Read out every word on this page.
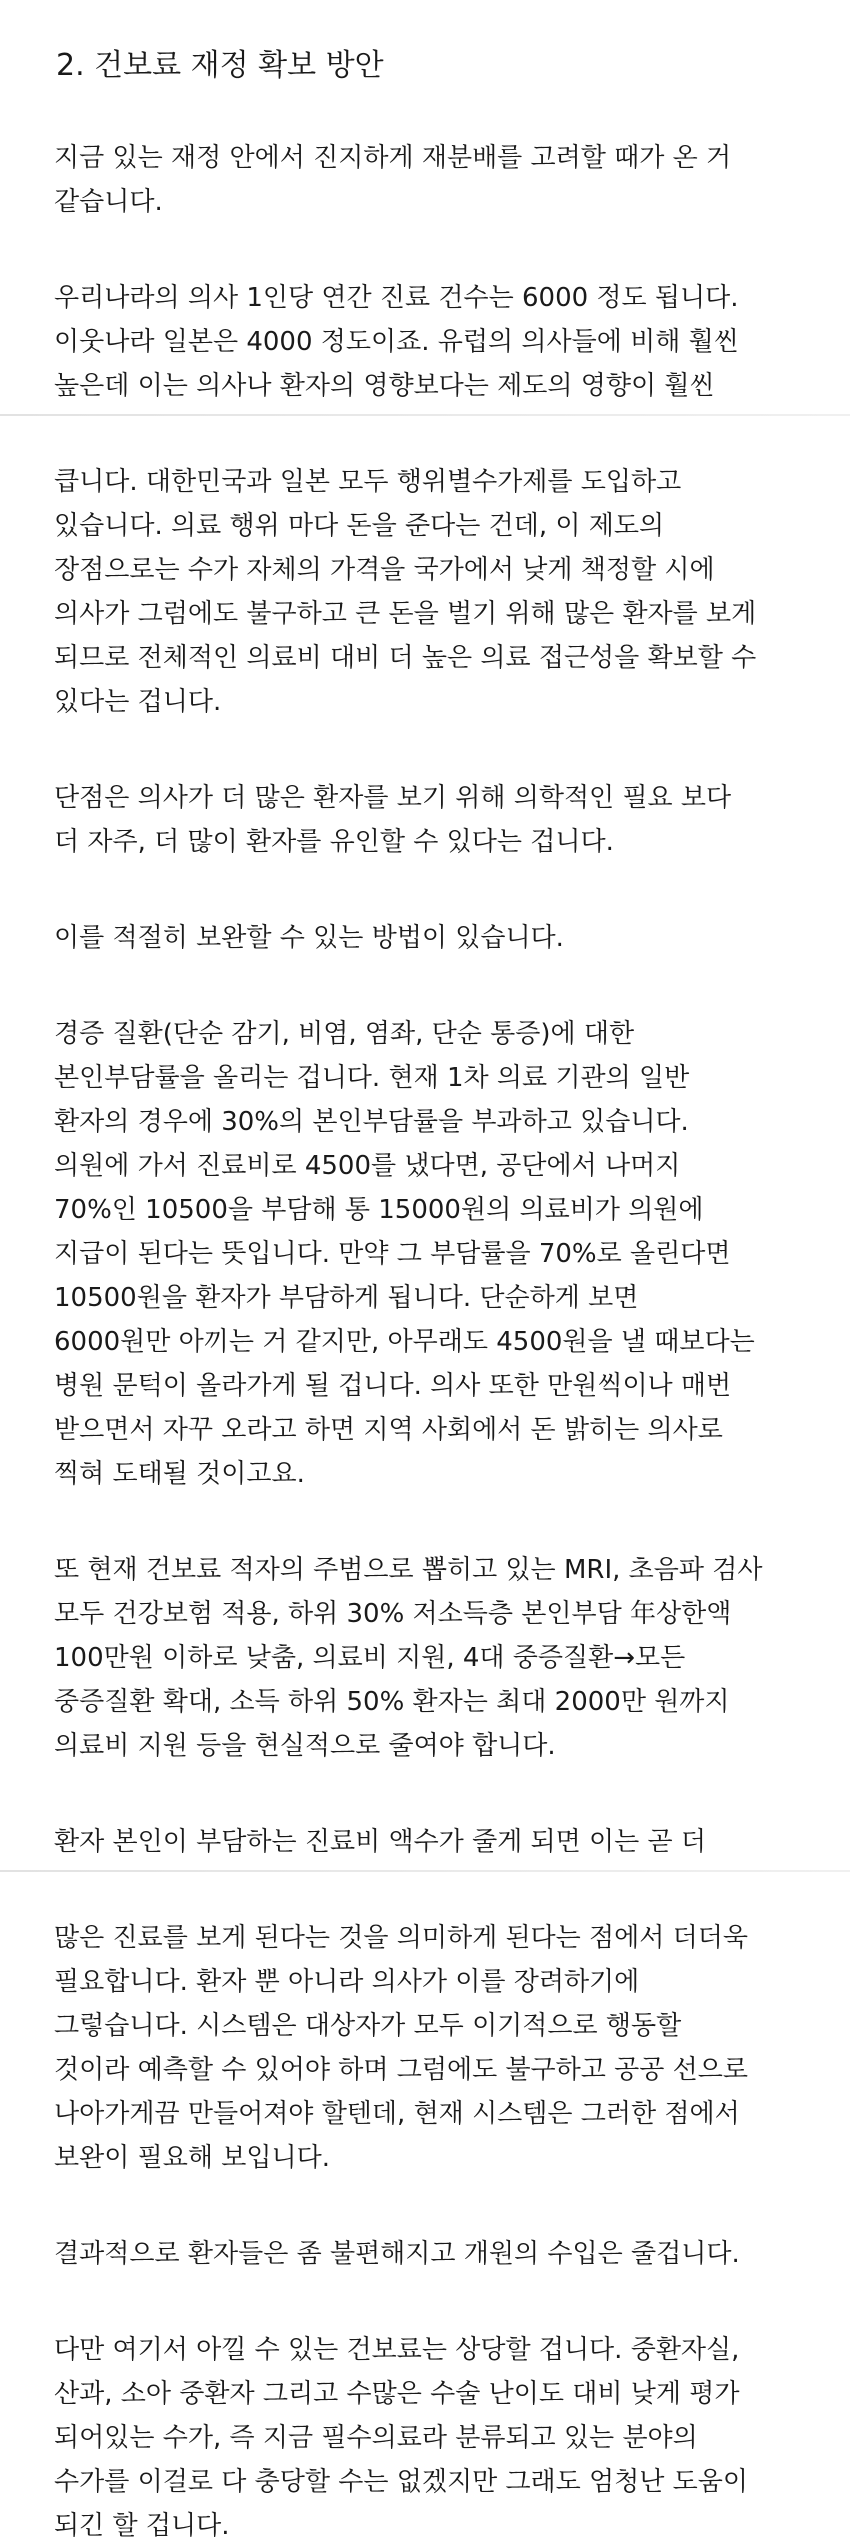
2. 건보료 재정 확보 방안
지금 있는 재정 안에서 진지하게 재분배를 고려할 때가 온 거
같습니다.
우리나라의 의사 1인당 연간 진료 건수는 6000 정도 됩니다.
이웃나라 일본은 4000 정도이죠. 유럽의 의사들에 비해 훨씬
높은데 이는 의사나 환자의 영향보다는 제도의 영향이 훨씬
큽니다. 대한민국과 일본 모두 행위별수가제를 도입하고
있습니다. 의료 행위 마다 돈을 준다는 건데, 이 제도의
장점으로는 수가 자체의 가격을 국가에서 낮게 책정할 시에
의사가 그럼에도 불구하고 큰 돈을 벌기 위해 많은 환자를 보게
되므로 전체적인 의료비 대비 더 높은 의료 접근성을 확보할 수
있다는 겁니다.
단점은 의사가 더 많은 환자를 보기 위해 의학적인 필요 보다
더 자주, 더 많이 환자를 유인할 수 있다는 겁니다.
이를 적절히 보완할 수 있는 방법이 있습니다.
경증 질환(단순 감기, 비염, 염좌, 단순 통증)에 대한
본인부담률을 올리는 겁니다. 현재 1차 의료 기관의 일반
환자의 경우에 30%의 본인부담률을 부과하고 있습니다.
의원에 가서 진료비로 4500를 냈다면, 공단에서 나머지
70%인 10500을 부담해 통 15000원의 의료비가 의원에
지급이 된다는 뜻입니다. 만약 그 부담률을 70%로 올린다면
10500원을 환자가 부담하게 됩니다. 단순하게 보면
6000원만 아끼는 거 같지만, 아무래도 4500원을 낼 때보다는
병원 문턱이 올라가게 될 겁니다. 의사 또한 만원씩이나 매번
받으면서 자꾸 오라고 하면 지역 사회에서 돈 밝히는 의사로
찍혀 도태될 것이고요.
또 현재 건보료 적자의 주범으로 뽑히고 있는 MRI, 초음파 검사
모두 건강보험 적용, 하위 30% 저소득층 본인부담 年상한액
100만원 이하로 낮춤, 의료비 지원, 4대 중증질환→모든
중증질환 확대, 소득 하위 50% 환자는 최대 2000만 원까지
의료비 지원 등을 현실적으로 줄여야 합니다.
환자 본인이 부담하는 진료비 액수가 줄게 되면 이는 곧 더
많은 진료를 보게 된다는 것을 의미하게 된다는 점에서 더더욱
필요합니다. 환자 뿐 아니라 의사가 이를 장려하기에
그렇습니다. 시스템은 대상자가 모두 이기적으로 행동할
것이라 예측할 수 있어야 하며 그럼에도 불구하고 공공 선으로
나아가게끔 만들어져야 할텐데, 현재 시스템은 그러한 점에서
보완이 필요해 보입니다.
결과적으로 환자들은 좀 불편해지고 개원의 수입은 줄겁니다.
다만 여기서 아낄 수 있는 건보료는 상당할 겁니다. 중환자실,
산과, 소아 중환자 그리고 수많은 수술 난이도 대비 낮게 평가
되어있는 수가, 즉 지금 필수의료라 분류되고 있는 분야의
수가를 이걸로 다 충당할 수는 없겠지만 그래도 엄청난 도움이
되긴 할 겁니다.
